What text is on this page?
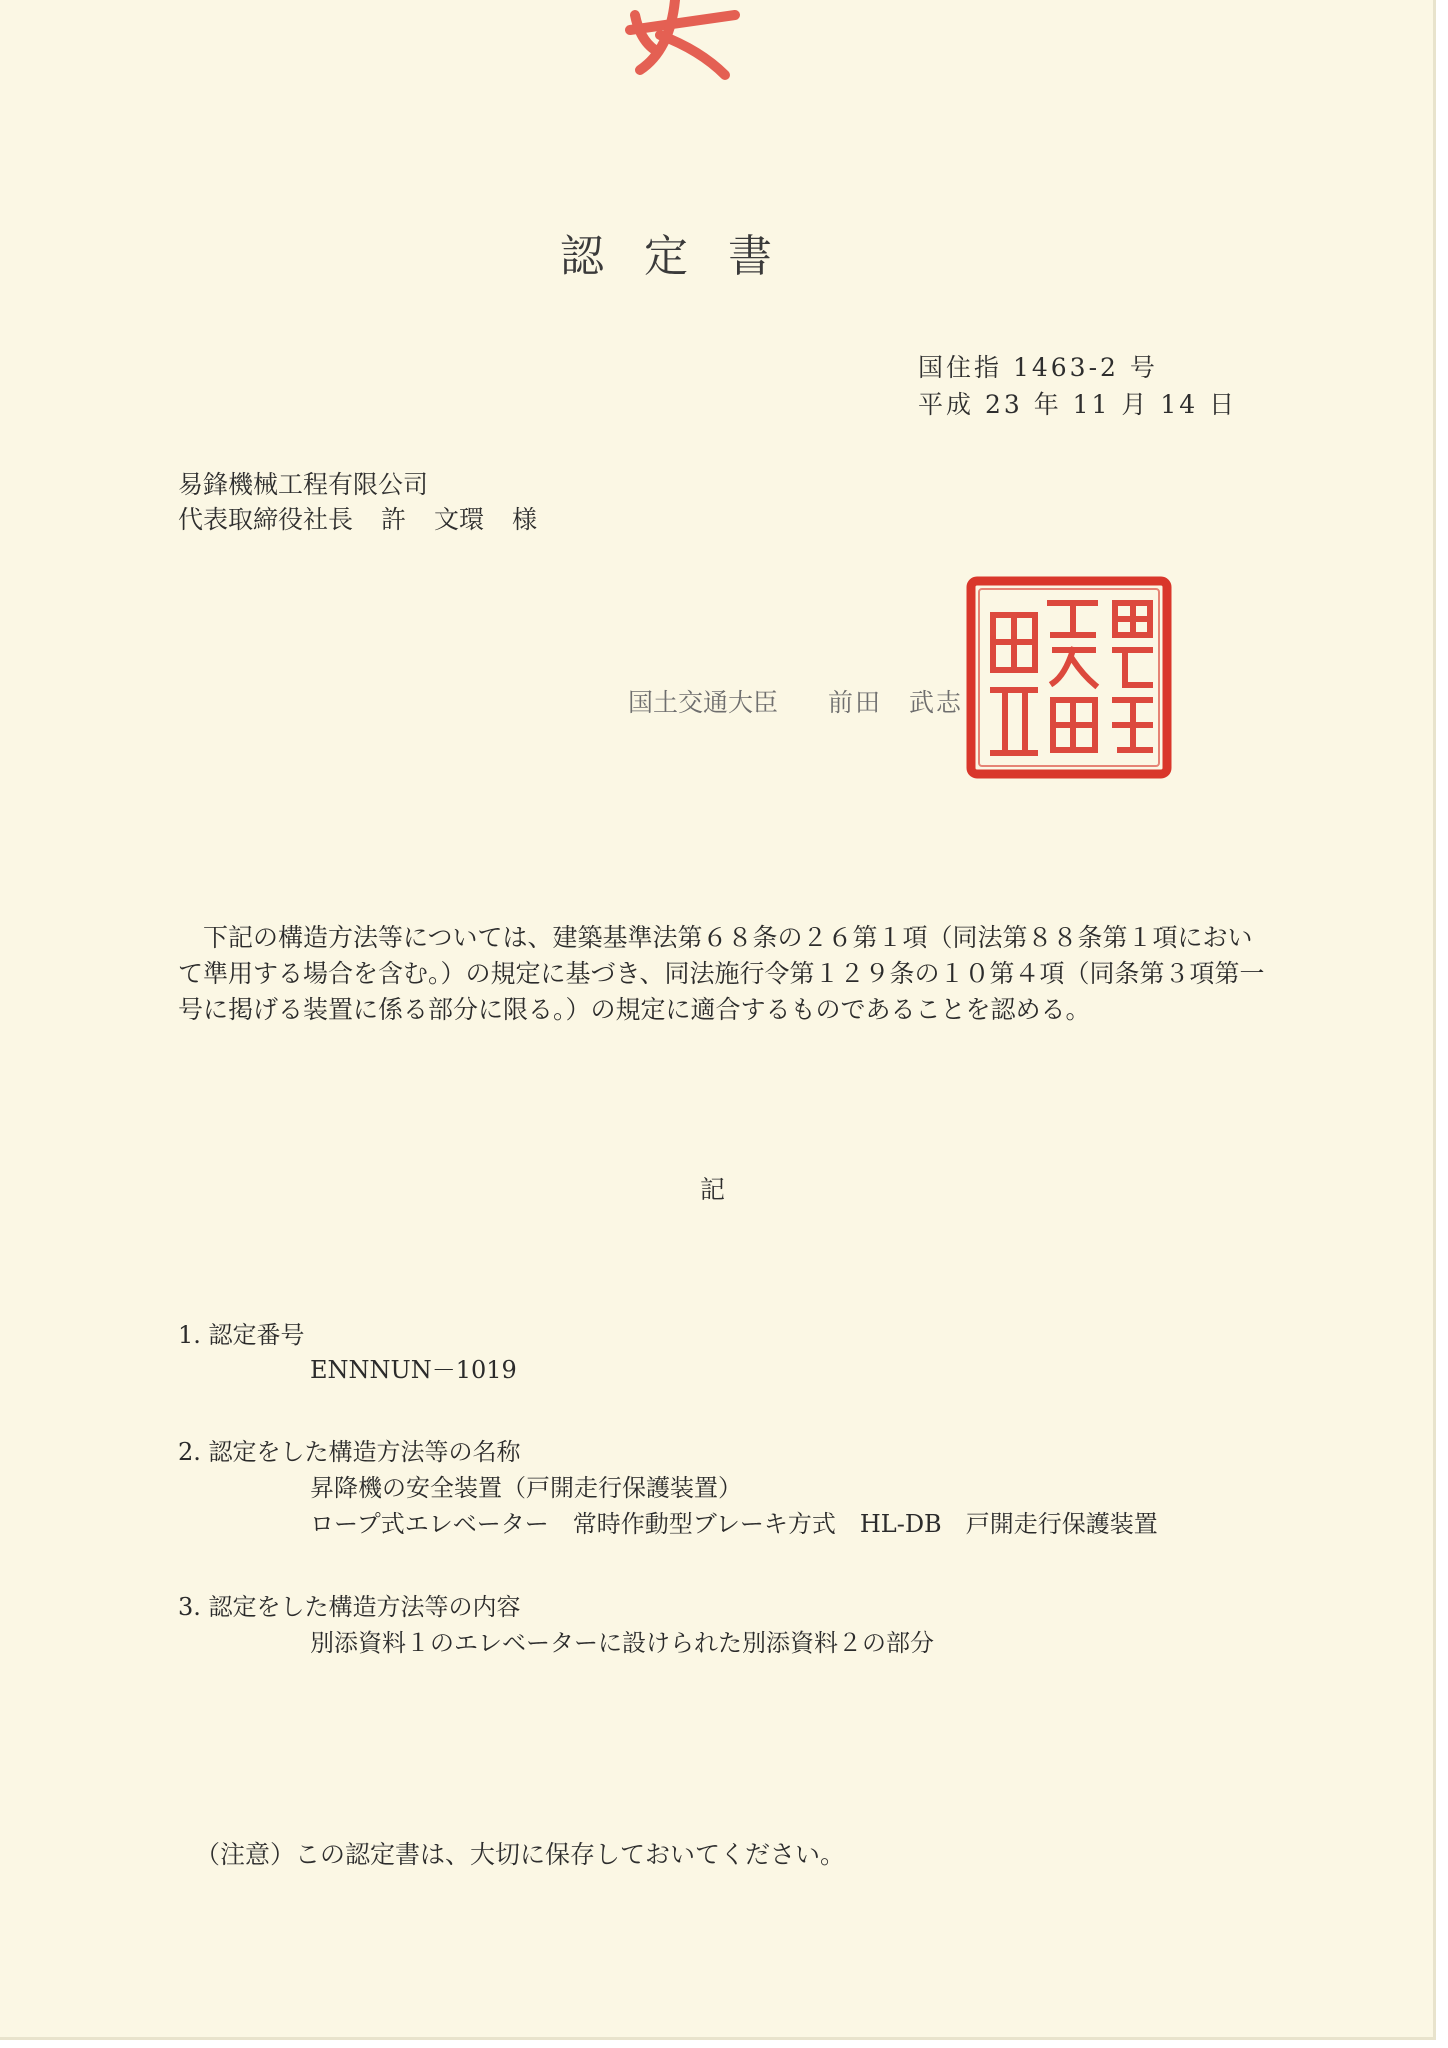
認定書
国住指 1463-2 号
平成 23 年 11 月 14 日
易鋒機械工程有限公司
代表取締役社長 許 文環 様
国土交通大臣 前田　武志
下記の構造方法等については、建築基準法第６８条の２６第１項（同法第８８条第１項において準用する場合を含む。）の規定に基づき、同法施行令第１２９条の１０第４項（同条第３項第一号に掲げる装置に係る部分に限る。）の規定に適合するものであることを認める。
記
1. 認定番号
ENNNUN－1019
2. 認定をした構造方法等の名称
昇降機の安全装置（戸開走行保護装置）
ロープ式エレベーター　常時作動型ブレーキ方式　HL-DB　戸開走行保護装置
3. 認定をした構造方法等の内容
別添資料１のエレベーターに設けられた別添資料２の部分
（注意）この認定書は、大切に保存しておいてください。
